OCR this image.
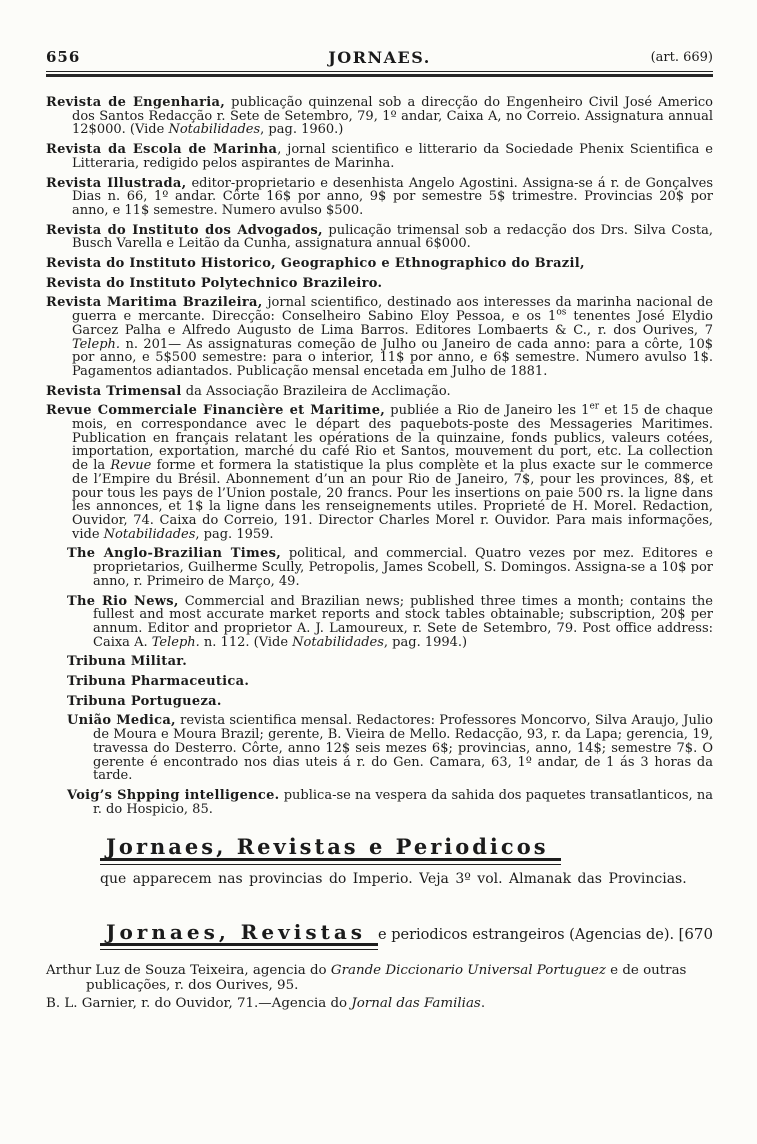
656	JORNAES.	(art. 669)

Revista de Engenharia, publicação quinzenal sob a direcção do Engenheiro Civil José Americo dos Santos Redacção r. Sete de Setembro, 79, 1º andar, Caixa A, no Correio. Assignatura annual 12$000. (Vide Notabilidades, pag. 1960.)

Revista da Escola de Marinha, jornal scientifico e litterario da Sociedade Phenix Scientifica e Litteraria, redigido pelos aspirantes de Marinha.

Revista Illustrada, editor-proprietario e desenhista Angelo Agostini. Assigna-se á r. de Gonçalves Dias n. 66, 1º andar. Côrte 16$ por anno, 9$ por semestre 5$ trimestre. Provincias 20$ por anno, e 11$ semestre. Numero avulso $500.

Revista do Instituto dos Advogados, pulicação trimensal sob a redacção dos Drs. Silva Costa, Busch Varella e Leitão da Cunha, assignatura annual 6$000.

Revista do Instituto Historico, Geographico e Ethnographico do Brazil,

Revista do Instituto Polytechnico Brazileiro.

Revista Maritima Brazileira, jornal scientifico, destinado aos interesses da marinha nacional de guerra e mercante. Direcção: Conselheiro Sabino Eloy Pessoa, e os $1^{os}$ tenentes José Elydio Garcez Palha e Alfredo Augusto de Lima Barros. Editores Lombaerts & C., r. dos Ourives, 7 Teleph. n. 201— As assignaturas começão de Julho ou Janeiro de cada anno: para a côrte, 10$ por anno, e 5$500 semestre: para o interior, 11$ por anno, e 6$ semestre. Numero avulso 1$. Pagamentos adiantados. Publicação mensal encetada em Julho de 1881.

Revista Trimensal da Associação Brazileira de Acclimação.

Revue Commerciale Financière et Maritime, publiée a Rio de Janeiro les 1er et 15 de chaque mois, en correspondance avec le départ des paquebots-poste des Messageries Maritimes. Publication en français relatant les opérations de la quinzaine, fonds publics, valeurs cotées, importation, exportation, marché du café Rio et Santos, mouvement du port, etc. La collection de la Revue forme et formera la statistique la plus complète et la plus exacte sur le commerce de l’Empire du Brésil. Abonnement d’un an pour Rio de Janeiro, 7$, pour les provinces, 8$, et pour tous les pays de l’Union postale, 20 francs. Pour les insertions on paie 500 rs. la ligne dans les annonces, et 1$ la ligne dans les renseignements utiles. Proprieté de H. Morel. Redaction, Ouvidor, 74. Caixa do Correio, 191. Director Charles Morel r. Ouvidor. Para mais informações, vide Notabilidades, pag. 1959.

The Anglo-Brazilian Times, political, and commercial. Quatro vezes por mez. Editores e proprietarios, Guilherme Scully, Petropolis, James Scobell, S. Domingos. Assigna-se a 10$ por anno, r. Primeiro de Março, 49.

The Rio News, Commercial and Brazilian news; published three times a month; contains the fullest and most accurate market reports and stock tables obtainable; subscription, 20$ per annum. Editor and proprietor A. J. Lamoureux, r. Sete de Setembro, 79. Post office address: Caixa A. Teleph. n. 112. (Vide Notabilidades, pag. 1994.)

Tribuna Militar.

Tribuna Pharmaceutica.

Tribuna Portugueza.

União Medica, revista scientifica mensal. Redactores: Professores Moncorvo, Silva Araujo, Julio de Moura e Moura Brazil; gerente, B. Vieira de Mello. Redacção, 93, r. da Lapa; gerencia, 19, travessa do Desterro. Côrte, anno 12$ seis mezes 6$; provincias, anno, 14$; semestre 7$. O gerente é encontrado nos dias uteis á r. do Gen. Camara, 63, 1º andar, de 1 ás 3 horas da tarde.

Voig’s Shpping intelligence. publica-se na vespera da sahida dos paquetes transatlanticos, na r. do Hospicio, 85.

Jornaes, Revistas e Periodicos
que apparecem nas provincias do Imperio. Veja 3º vol. Almanak das Provincias.
Jornaes, Revistas e periodicos estrangeiros (Agencias de). [670

Arthur Luz de Souza Teixeira, agencia do Grande Diccionario Universal Portuguez e de outras publicações, r. dos Ourives, 95.

B. L. Garnier, r. do Ouvidor, 71.—Agencia do Jornal das Familias.
